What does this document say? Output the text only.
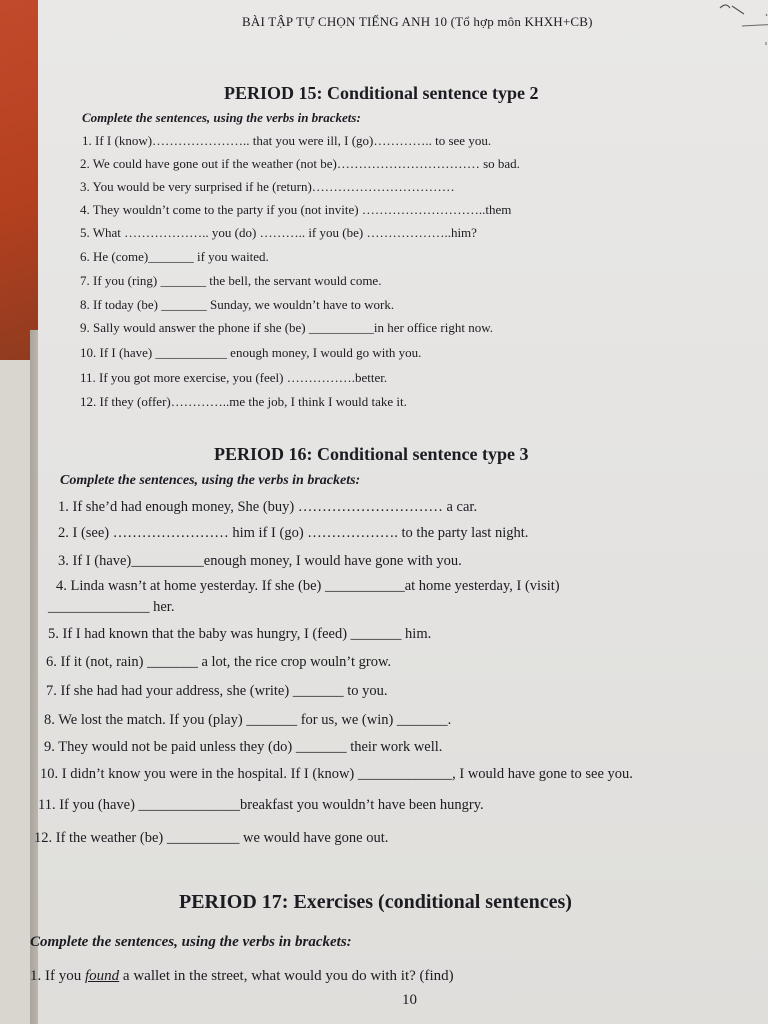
BÀI TẬP TỰ CHỌN TIẾNG ANH 10 (Tổ hợp môn KHXH+CB)
PERIOD 15: Conditional sentence type 2
Complete the sentences, using the verbs in brackets:
1. If I (know)………………….. that you were ill, I (go)………….. to see you.
2. We could have gone out if the weather (not be)…………………………… so bad.
3. You would be very surprised if he (return)……………………………
4. They wouldn’t come to the party if you (not invite) ………………………..them
5. What ……………….. you (do) ……….. if you (be) ………………..him?
6. He (come)_______ if you waited.
7. If you (ring) _______ the bell, the servant would come.
8. If today (be) _______ Sunday, we wouldn’t have to work.
9. Sally would answer the phone if she (be) __________in her office right now.
10. If I (have) ___________ enough money, I would go with you.
11. If you got more exercise, you (feel) …………….better.
12. If they (offer)…………..me the job, I think I would take it.
PERIOD 16: Conditional sentence type 3
Complete the sentences, using the verbs in brackets:
1. If she’d had enough money, She (buy) ………………………… a car.
2. I (see) …………………… him if I (go) ………………. to the party last night.
3. If I (have)__________enough money, I would have gone with you.
4. Linda wasn’t at home yesterday. If she (be) ___________at home yesterday, I (visit)
______________ her.
5. If I had known that the baby was hungry, I (feed) _______ him.
6. If it (not, rain) _______ a lot, the rice crop wouln’t grow.
7. If she had had your address, she (write) _______ to you.
8. We lost the match. If you (play) _______ for us, we (win) _______.
9. They would not be paid unless they (do) _______ their work well.
10. I didn’t know you were in the hospital. If I (know) _____________, I would have gone to see you.
11. If you (have) ______________breakfast you wouldn’t have been hungry.
12. If the weather (be) __________ we would have gone out.
PERIOD 17: Exercises (conditional sentences)
Complete the sentences, using the verbs in brackets:
1. If you found a wallet in the street, what would you do with it? (find)
10
